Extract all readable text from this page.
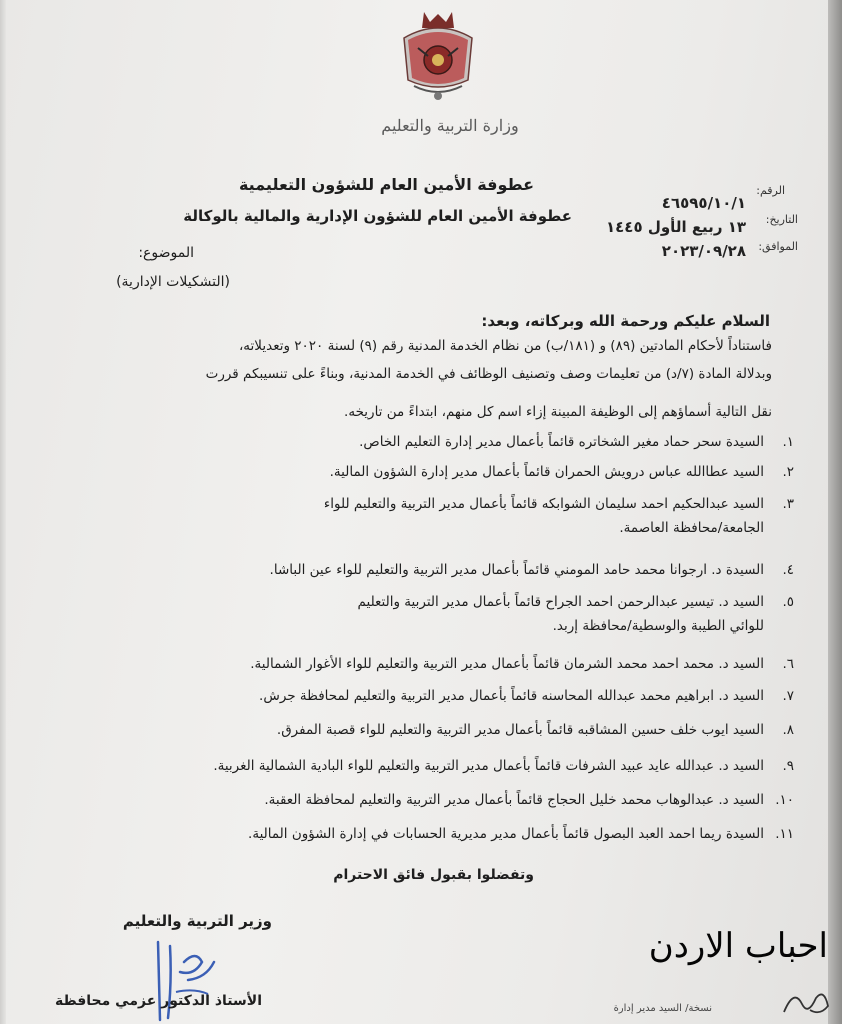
وزارة التربية والتعليم
عطوفة الأمين العام للشؤون التعليمية
عطوفة الأمين العام للشؤون الإدارية والمالية بالوكالة
الرقم:
٤٦٥٩٥/١٠/١
التاريخ:
١٣ ربيع الأول ١٤٤٥
الموافق:
٢٠٢٣/٠٩/٢٨
الموضوع:
(التشكيلات الإدارية)
السلام عليكم ورحمة الله وبركاته، وبعد:
فاستناداً لأحكام المادتين (٨٩) و (١٨١/ب) من نظام الخدمة المدنية رقم (٩) لسنة ٢٠٢٠ وتعديلاته،
وبدلالة المادة (٧/د) من تعليمات وصف وتصنيف الوظائف في الخدمة المدنية، وبناءً على تنسيبكم قررت
نقل التالية أسماؤهم إلى الوظيفة المبينة إزاء اسم كل منهم، ابتداءً من تاريخه.
١.السيدة سحر حماد مغير الشخاتره قائماً بأعمال مدير إدارة التعليم الخاص.
٢.السيد عطاالله عباس درويش الحمران قائماً بأعمال مدير إدارة الشؤون المالية.
٣.السيد عبدالحكيم احمد سليمان الشوابكه قائماً بأعمال مدير التربية والتعليم للواء
الجامعة/محافظة العاصمة.
٤.السيدة د. ارجوانا محمد حامد المومني قائماً بأعمال مدير التربية والتعليم للواء عين الباشا.
٥.السيد د. تيسير عبدالرحمن احمد الجراح قائماً بأعمال مدير التربية والتعليم
للوائي الطيبة والوسطية/محافظة إربد.
٦.السيد د. محمد احمد محمد الشرمان قائماً بأعمال مدير التربية والتعليم للواء الأغوار الشمالية.
٧.السيد د. ابراهيم محمد عبدالله المحاسنه قائماً بأعمال مدير التربية والتعليم لمحافظة جرش.
٨.السيد ايوب خلف حسين المشاقبه قائماً بأعمال مدير التربية والتعليم للواء قصبة المفرق.
٩.السيد د. عبدالله عايد عبيد الشرفات قائماً بأعمال مدير التربية والتعليم للواء البادية الشمالية الغربية.
١٠.السيد د. عبدالوهاب محمد خليل الحجاج قائماً بأعمال مدير التربية والتعليم لمحافظة العقبة.
١١.السيدة ريما احمد العبد البصول قائماً بأعمال مدير مديرية الحسابات في إدارة الشؤون المالية.
وتفضلوا بقبول فائق الاحترام
وزير التربية والتعليم
الأستاذ الدكتور عزمي محافظة	نسخة/ السيد مدير إدارة
احباب الاردن
